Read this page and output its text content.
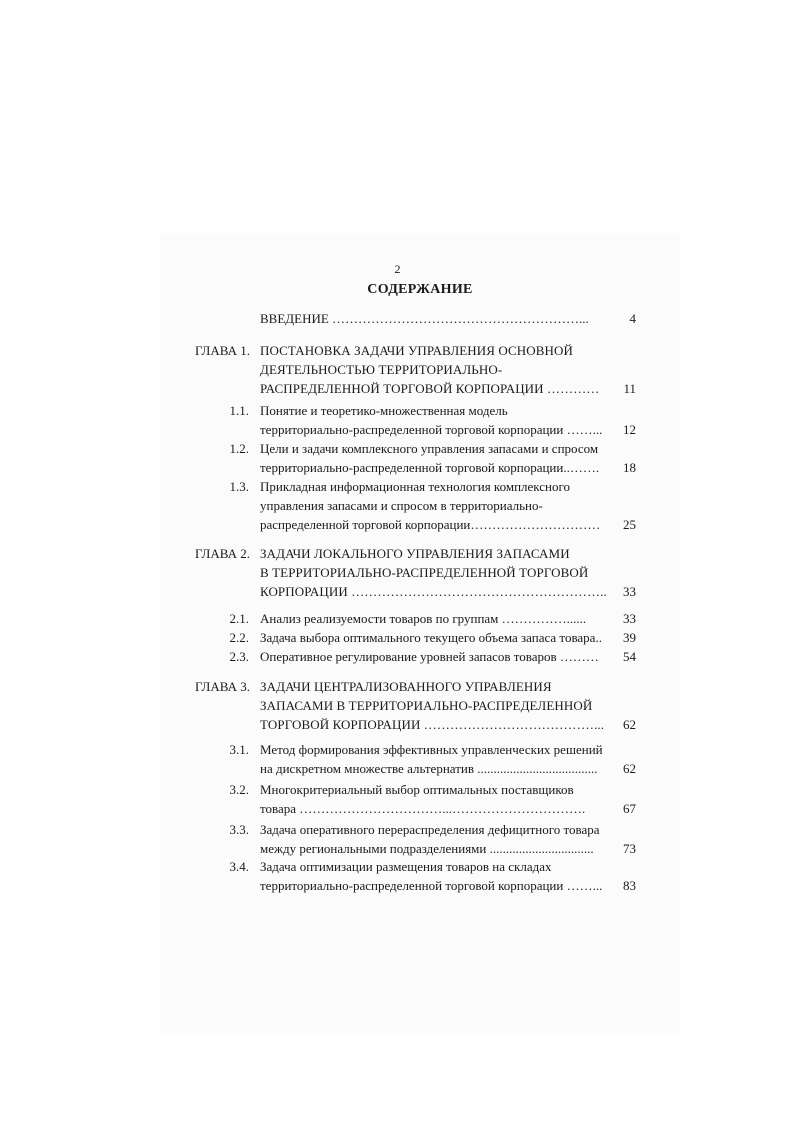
2
СОДЕРЖАНИЕ
ВВЕДЕНИЕ …………………………………………………...	4
ГЛАВА 1. ПОСТАНОВКА ЗАДАЧИ УПРАВЛЕНИЯ ОСНОВНОЙ
ДЕЯТЕЛЬНОСТЬЮ ТЕРРИТОРИАЛЬНО-
РАСПРЕДЕЛЕННОЙ ТОРГОВОЙ КОРПОРАЦИИ …………	11
1.1. Понятие и теоретико-множественная модель
территориально-распределенной торговой корпорации ……...	12
1.2. Цели и задачи комплексного управления запасами и спросом
территориально-распределенной торговой корпорации..…….	18
1.3. Прикладная информационная технология комплексного
управления запасами и спросом в территориально-
распределенной торговой корпорации…………………………	25
ГЛАВА 2. ЗАДАЧИ ЛОКАЛЬНОГО УПРАВЛЕНИЯ ЗАПАСАМИ
В ТЕРРИТОРИАЛЬНО-РАСПРЕДЕЛЕННОЙ ТОРГОВОЙ
КОРПОРАЦИИ …………………………………………………..	33
2.1. Анализ реализуемости товаров по группам ……………......	33
2.2. Задача выбора оптимального текущего объема запаса товара..	39
2.3. Оперативное регулирование уровней запасов товаров ………	54
ГЛАВА 3. ЗАДАЧИ ЦЕНТРАЛИЗОВАННОГО УПРАВЛЕНИЯ
ЗАПАСАМИ В ТЕРРИТОРИАЛЬНО-РАСПРЕДЕЛЕННОЙ
ТОРГОВОЙ КОРПОРАЦИИ …………………………………...	62
3.1. Метод формирования эффективных управленческих решений
на дискретном множестве альтернатив .....................................	62
3.2. Многокритериальный выбор оптимальных поставщиков
товара ……………………………...………………………….	67
3.3. Задача оперативного перераспределения дефицитного товара
между региональными подразделениями ................................	73
3.4. Задача оптимизации размещения товаров на складах
территориально-распределенной торговой корпорации ……...	83
